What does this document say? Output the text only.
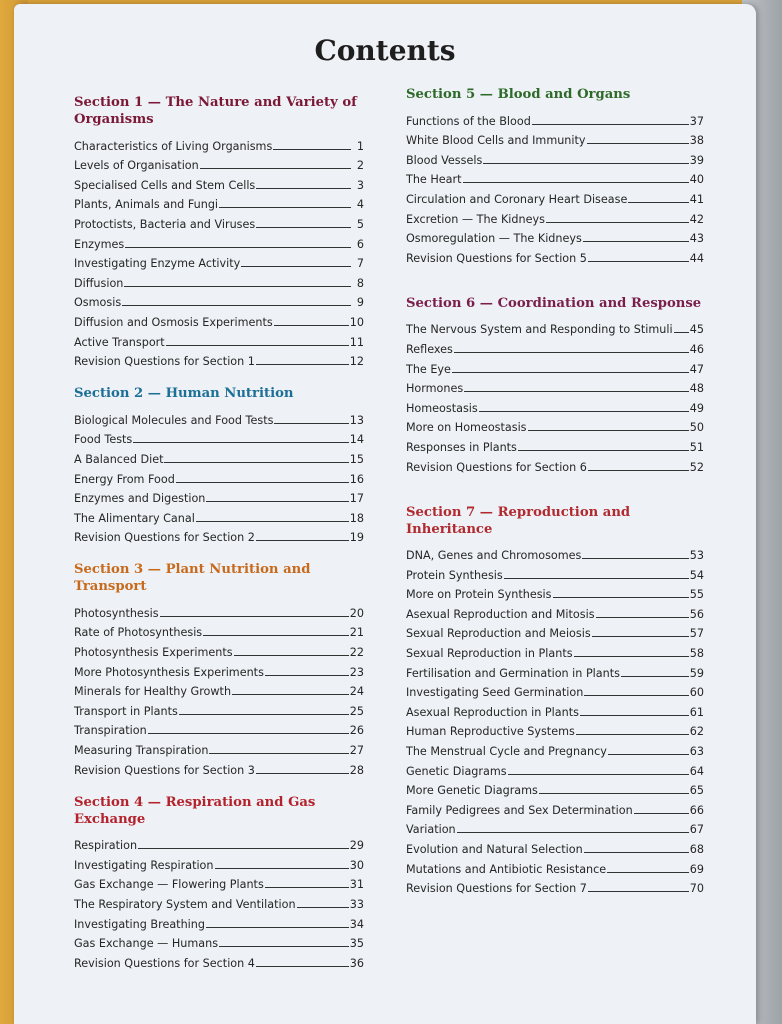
Contents
Section 1 — The Nature and Variety of Organisms
Characteristics of Living Organisms	1
Levels of Organisation	2
Specialised Cells and Stem Cells	3
Plants, Animals and Fungi	4
Protoctists, Bacteria and Viruses	5
Enzymes	6
Investigating Enzyme Activity	7
Diffusion	8
Osmosis	9
Diffusion and Osmosis Experiments	10
Active Transport	11
Revision Questions for Section 1	12
Section 2 — Human Nutrition
Biological Molecules and Food Tests	13
Food Tests	14
A Balanced Diet	15
Energy From Food	16
Enzymes and Digestion	17
The Alimentary Canal	18
Revision Questions for Section 2	19
Section 3 — Plant Nutrition and Transport
Photosynthesis	20
Rate of Photosynthesis	21
Photosynthesis Experiments	22
More Photosynthesis Experiments	23
Minerals for Healthy Growth	24
Transport in Plants	25
Transpiration	26
Measuring Transpiration	27
Revision Questions for Section 3	28
Section 4 — Respiration and Gas Exchange
Respiration	29
Investigating Respiration	30
Gas Exchange — Flowering Plants	31
The Respiratory System and Ventilation	33
Investigating Breathing	34
Gas Exchange — Humans	35
Revision Questions for Section 4	36
Section 5 — Blood and Organs
Functions of the Blood	37
White Blood Cells and Immunity	38
Blood Vessels	39
The Heart	40
Circulation and Coronary Heart Disease	41
Excretion — The Kidneys	42
Osmoregulation — The Kidneys	43
Revision Questions for Section 5	44
Section 6 — Coordination and Response
The Nervous System and Responding to Stimuli 45
Reflexes	46
The Eye	47
Hormones	48
Homeostasis	49
More on Homeostasis	50
Responses in Plants	51
Revision Questions for Section 6	52
Section 7 — Reproduction and Inheritance
DNA, Genes and Chromosomes	53
Protein Synthesis	54
More on Protein Synthesis	55
Asexual Reproduction and Mitosis	56
Sexual Reproduction and Meiosis	57
Sexual Reproduction in Plants	58
Fertilisation and Germination in Plants	59
Investigating Seed Germination	60
Asexual Reproduction in Plants	61
Human Reproductive Systems	62
The Menstrual Cycle and Pregnancy	63
Genetic Diagrams	64
More Genetic Diagrams	65
Family Pedigrees and Sex Determination	66
Variation	67
Evolution and Natural Selection	68
Mutations and Antibiotic Resistance	69
Revision Questions for Section 7	70
